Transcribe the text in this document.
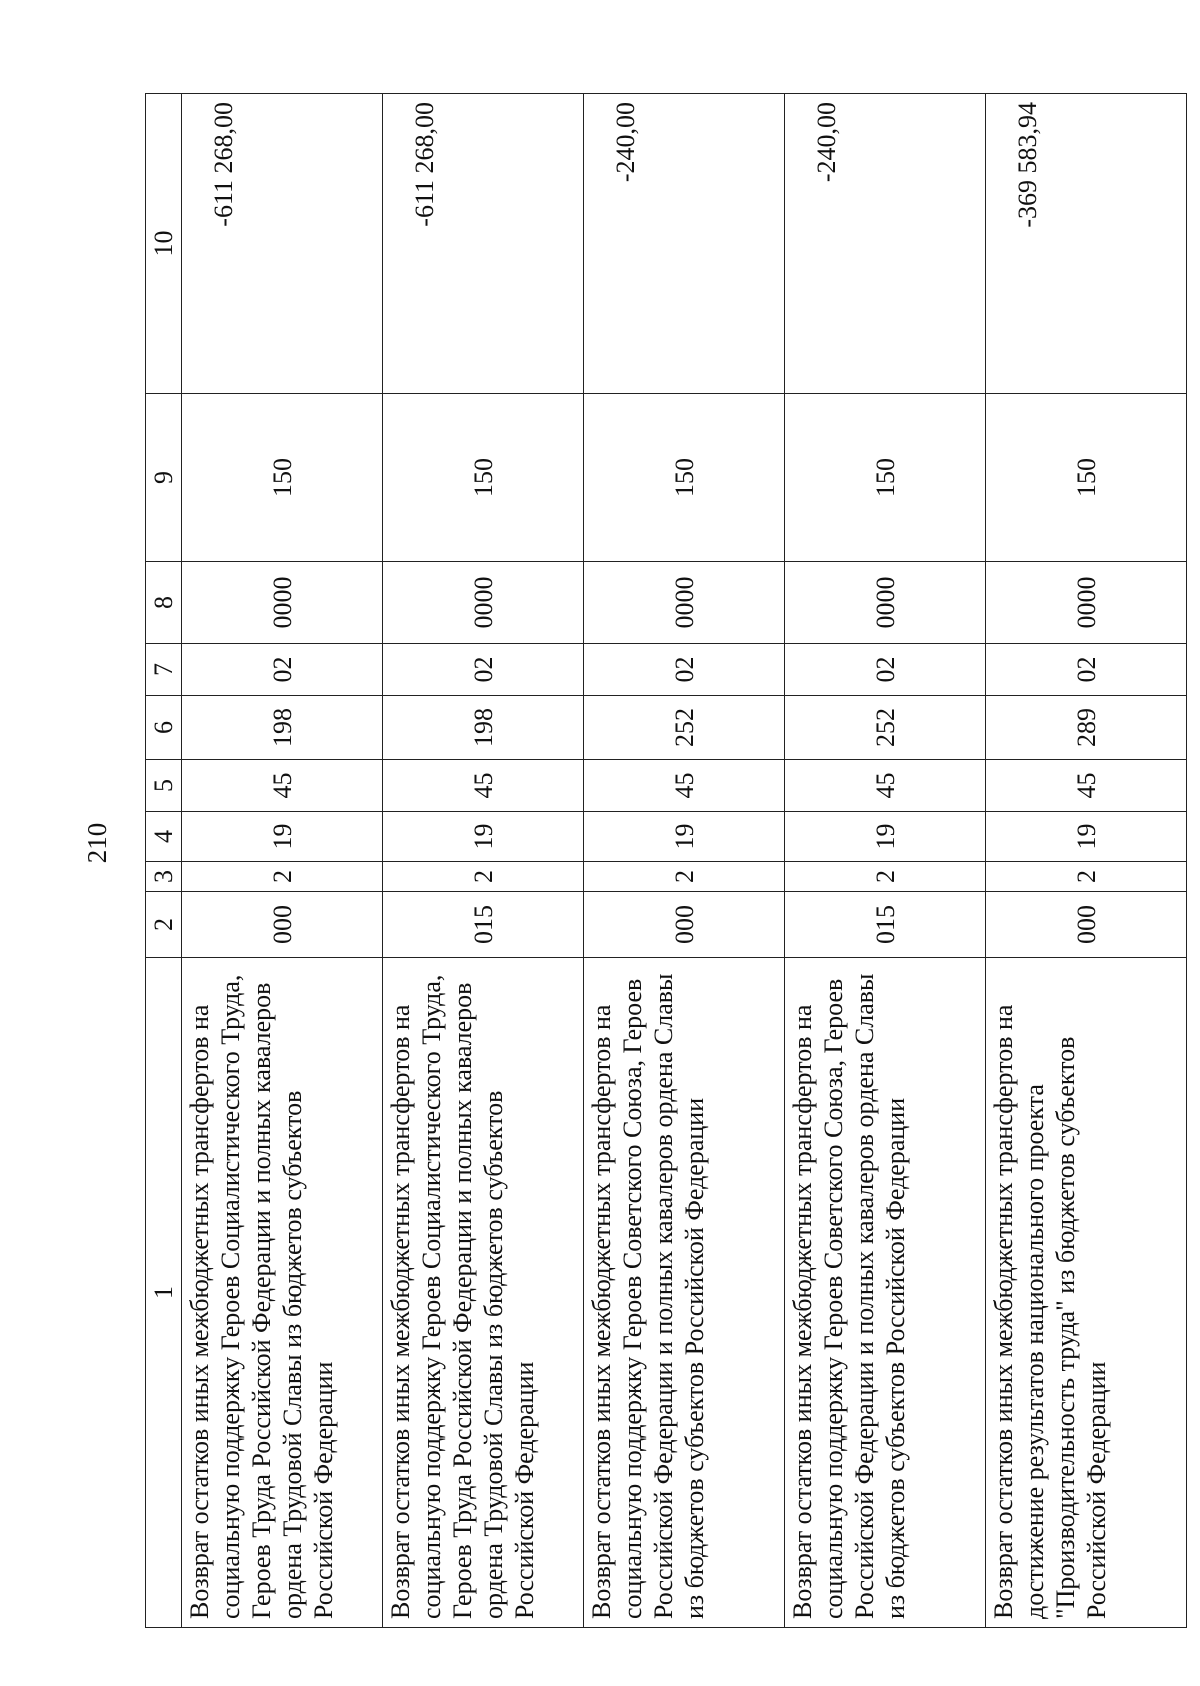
210
1	2	3	4	5	6	7	8	9	10
Возврат остатков иных межбюджетных трансфертов на социальную поддержку Героев Социалистического Труда, Героев Труда Российской Федерации и полных кавалеров ордена Трудовой Славы из бюджетов субъектов Российской Федерации	000	2	19	45	198	02	0000	150	-611 268,00
Возврат остатков иных межбюджетных трансфертов на социальную поддержку Героев Социалистического Труда, Героев Труда Российской Федерации и полных кавалеров ордена Трудовой Славы из бюджетов субъектов Российской Федерации	015	2	19	45	198	02	0000	150	-611 268,00
Возврат остатков иных межбюджетных трансфертов на социальную поддержку Героев Советского Союза, Героев Российской Федерации и полных кавалеров ордена Славы из бюджетов субъектов Российской Федерации	000	2	19	45	252	02	0000	150	-240,00
Возврат остатков иных межбюджетных трансфертов на социальную поддержку Героев Советского Союза, Героев Российской Федерации и полных кавалеров ордена Славы из бюджетов субъектов Российской Федерации	015	2	19	45	252	02	0000	150	-240,00
Возврат остатков иных межбюджетных трансфертов на достижение результатов национального проекта "Производительность труда" из бюджетов субъектов Российской Федерации	000	2	19	45	289	02	0000	150	-369 583,94
